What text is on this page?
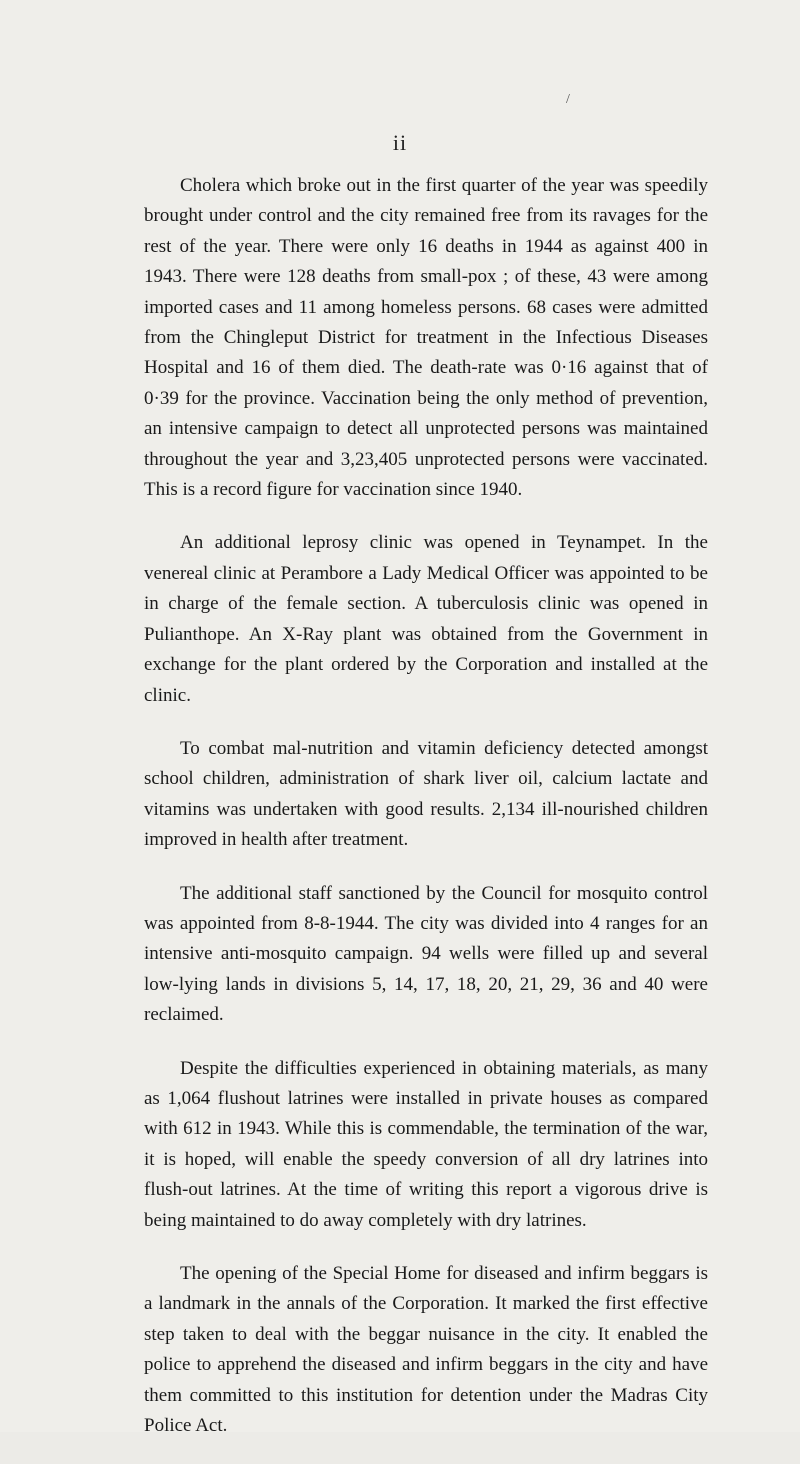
/
ii

Cholera which broke out in the first quarter of the year was speedily brought under control and the city remained free from its ravages for the rest of the year. There were only 16 deaths in 1944 as against 400 in 1943. There were 128 deaths from small-pox ; of these, 43 were among imported cases and 11 among homeless persons. 68 cases were admitted from the Chingleput District for treatment in the Infectious Diseases Hospital and 16 of them died. The death-rate was 0·16 against that of 0·39 for the province. Vaccination being the only method of prevention, an intensive campaign to detect all unprotected persons was maintained throughout the year and 3,23,405 unprotected persons were vaccinated. This is a record figure for vaccination since 1940.

An additional leprosy clinic was opened in Teynampet. In the venereal clinic at Perambore a Lady Medical Officer was appointed to be in charge of the female section. A tuberculosis clinic was opened in Pulianthope. An X-Ray plant was obtained from the Government in exchange for the plant ordered by the Corporation and installed at the clinic.

To combat mal-nutrition and vitamin deficiency detected amongst school children, administration of shark liver oil, calcium lactate and vitamins was undertaken with good results. 2,134 ill-nourished children improved in health after treatment.

The additional staff sanctioned by the Council for mosquito control was appointed from 8-8-1944. The city was divided into 4 ranges for an intensive anti-mosquito campaign. 94 wells were filled up and several low-lying lands in divisions 5, 14, 17, 18, 20, 21, 29, 36 and 40 were reclaimed.

Despite the difficulties experienced in obtaining materials, as many as 1,064 flushout latrines were installed in private houses as compared with 612 in 1943. While this is commendable, the termination of the war, it is hoped, will enable the speedy conversion of all dry latrines into flush-out latrines. At the time of writing this report a vigorous drive is being maintained to do away completely with dry latrines.

The opening of the Special Home for diseased and infirm beggars is a landmark in the annals of the Corporation. It marked the first effective step taken to deal with the beggar nuisance in the city. It enabled the police to apprehend the diseased and infirm beggars in the city and have them committed to this institution for detention under the Madras City Police Act.
